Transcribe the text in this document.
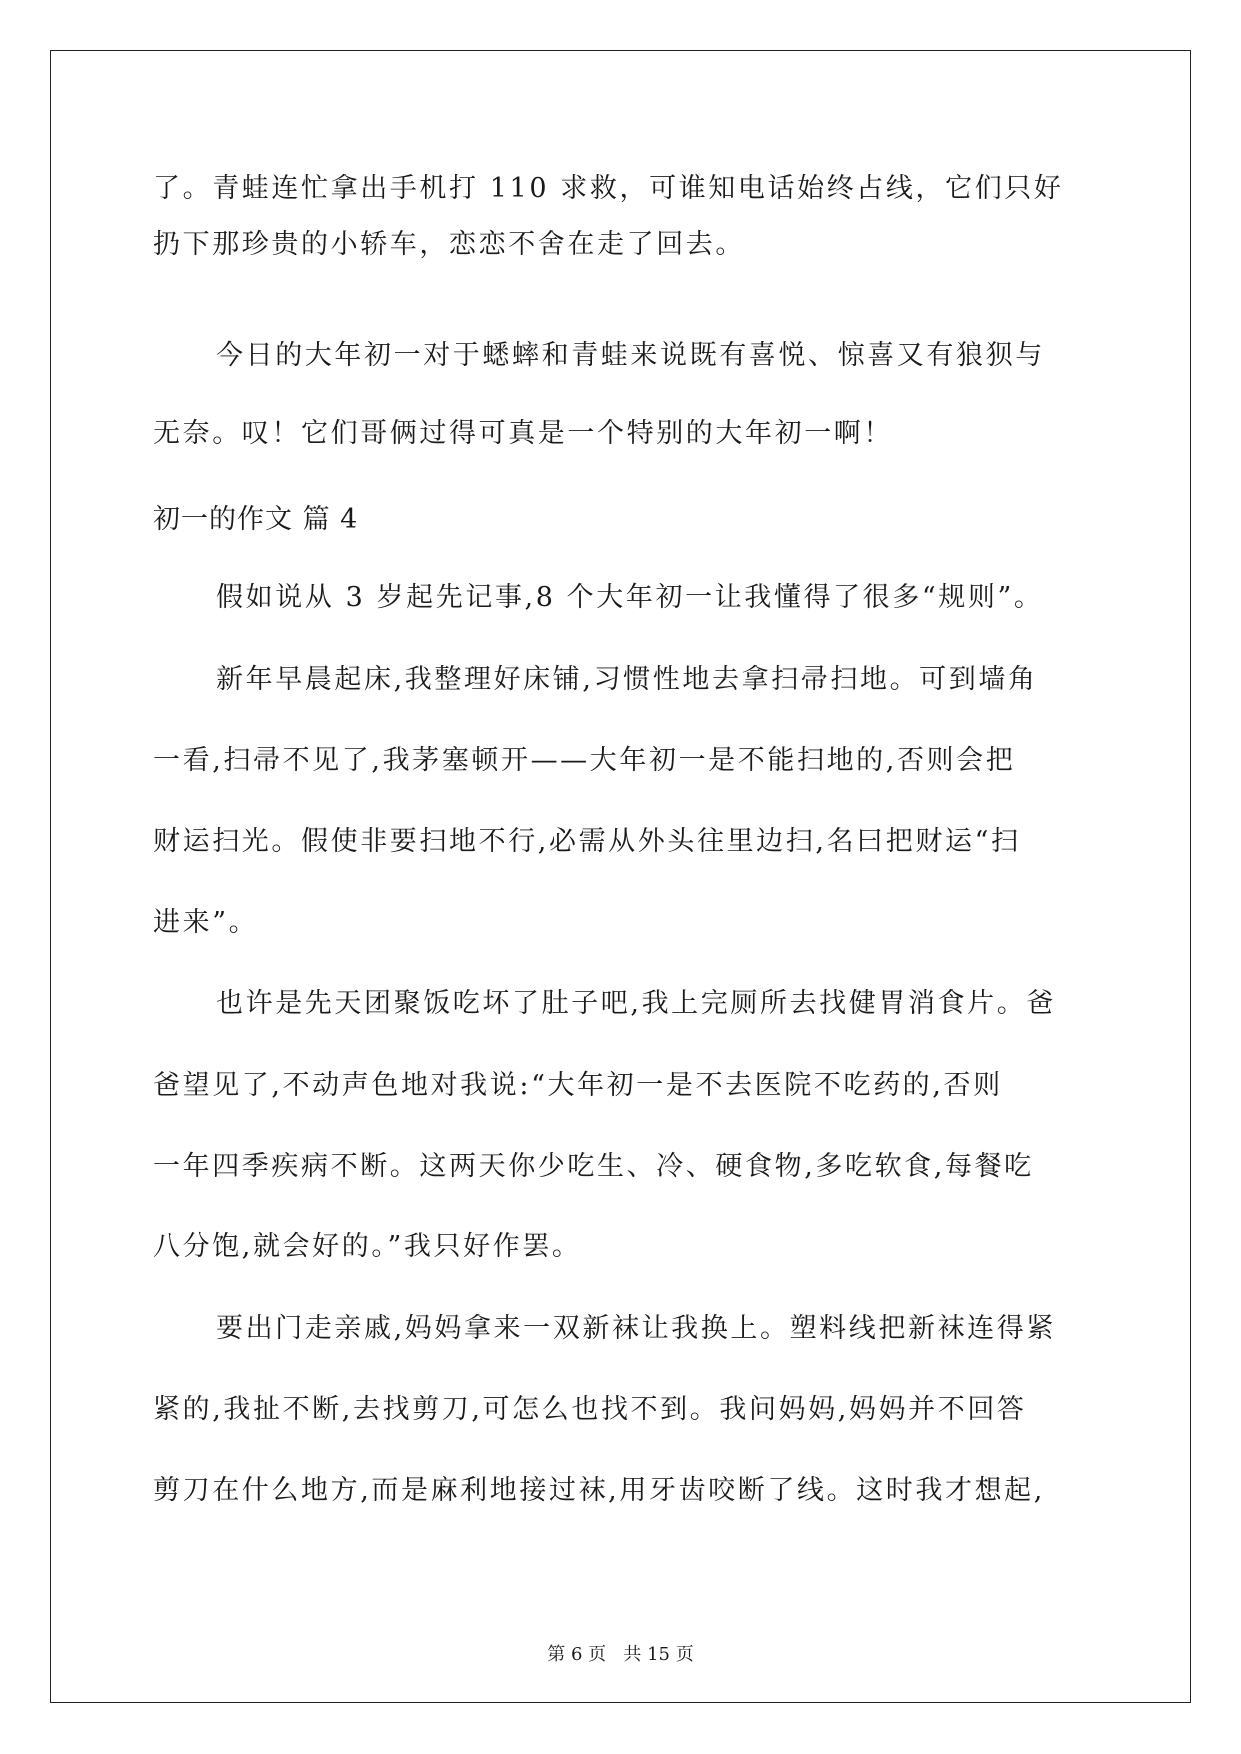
了。青蛙连忙拿出手机打 110 求救，可谁知电话始终占线，它们只好
扔下那珍贵的小轿车，恋恋不舍在走了回去。
今日的大年初一对于蟋蟀和青蛙来说既有喜悦、惊喜又有狼狈与
无奈。叹！它们哥俩过得可真是一个特别的大年初一啊！
初一的作文 篇 4
假如说从 3 岁起先记事,8 个大年初一让我懂得了很多“规则”。
新年早晨起床,我整理好床铺,习惯性地去拿扫帚扫地。可到墙角
一看,扫帚不见了,我茅塞顿开——大年初一是不能扫地的,否则会把
财运扫光。假使非要扫地不行,必需从外头往里边扫,名曰把财运“扫
进来”。
也许是先天团聚饭吃坏了肚子吧,我上完厕所去找健胃消食片。爸
爸望见了,不动声色地对我说:“大年初一是不去医院不吃药的,否则
一年四季疾病不断。这两天你少吃生、冷、硬食物,多吃软食,每餐吃
八分饱,就会好的。”我只好作罢。
要出门走亲戚,妈妈拿来一双新袜让我换上。塑料线把新袜连得紧
紧的,我扯不断,去找剪刀,可怎么也找不到。我问妈妈,妈妈并不回答
剪刀在什么地方,而是麻利地接过袜,用牙齿咬断了线。这时我才想起,
第 6 页   共 15 页
